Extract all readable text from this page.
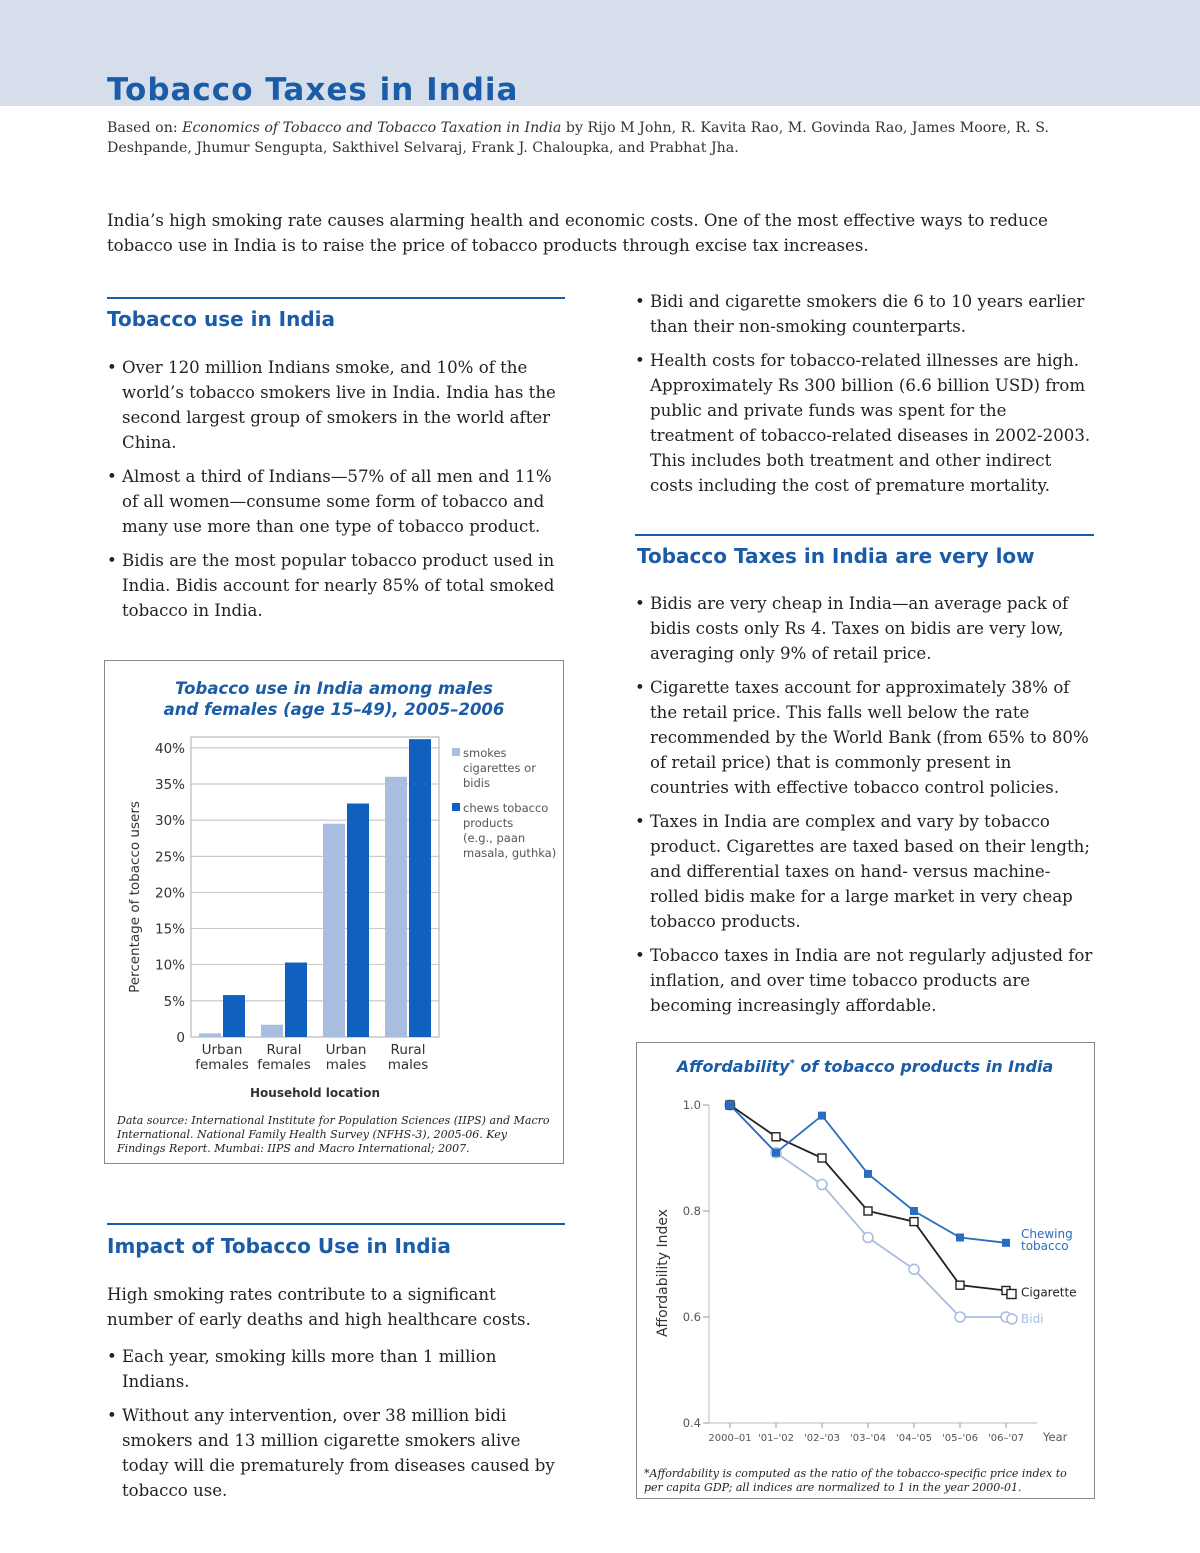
Tobacco Taxes in India
Based on: Economics of Tobacco and Tobacco Taxation in India by Rijo M John, R. Kavita Rao, M. Govinda Rao, James Moore, R. S. Deshpande, Jhumur Sengupta, Sakthivel Selvaraj, Frank J. Chaloupka, and Prabhat Jha.

India’s high smoking rate causes alarming health and economic costs. One of the most effective ways to reduce tobacco use in India is to raise the price of tobacco products through excise tax increases.

Tobacco use in India
• Over 120 million Indians smoke, and 10% of the world’s tobacco smokers live in India. India has the second largest group of smokers in the world after China.
• Almost a third of Indians—57% of all men and 11% of all women—consume some form of tobacco and many use more than one type of tobacco product.
• Bidis are the most popular tobacco product used in India. Bidis account for nearly 85% of total smoked tobacco in India.
Tobacco use in India among males and females (age 15–49), 2005–2006
0
5%
10%
15%
20%
25%
30%
35%
40%
Percentage of tobacco users
Urban females
Rural females
Urban males
Rural males
Household location
smokes
cigarettes or
bidis
chews tobacco
products
(e.g., paan
masala, guthka)
Data source: International Institute for Population Sciences (IIPS) and Macro International. National Family Health Survey (NFHS-3), 2005-06. Key Findings Report. Mumbai: IIPS and Macro International; 2007.
Impact of Tobacco Use in India

High smoking rates contribute to a significant number of early deaths and high healthcare costs.

• Each year, smoking kills more than 1 million Indians.
• Without any intervention, over 38 million bidi smokers and 13 million cigarette smokers alive today will die prematurely from diseases caused by tobacco use.
• Bidi and cigarette smokers die 6 to 10 years earlier than their non-smoking counterparts.
• Health costs for tobacco-related illnesses are high. Approximately Rs 300 billion (6.6 billion USD) from public and private funds was spent for the treatment of tobacco-related diseases in 2002-2003. This includes both treatment and other indirect costs including the cost of premature mortality.
Tobacco Taxes in India are very low
• Bidis are very cheap in India—an average pack of bidis costs only Rs 4. Taxes on bidis are very low, averaging only 9% of retail price.
• Cigarette taxes account for approximately 38% of the retail price. This falls well below the rate recommended by the World Bank (from 65% to 80% of retail price) that is commonly present in countries with effective tobacco control policies.
• Taxes in India are complex and vary by tobacco product. Cigarettes are taxed based on their length; and differential taxes on hand- versus machine-rolled bidis make for a large market in very cheap tobacco products.
• Tobacco taxes in India are not regularly adjusted for inflation, and over time tobacco products are becoming increasingly affordable.
Affordability* of tobacco products in India
0.4
0.6
0.8
1.0
Affordability Index
2000–01 '01–'02 '02–'03 '03–'04 '04–'05 '05–'06 '06–'07 Year
Bidi
Cigarette
Chewing
tobacco
*Affordability is computed as the ratio of the tobacco-specific price index to per capita GDP; all indices are normalized to 1 in the year 2000-01.
